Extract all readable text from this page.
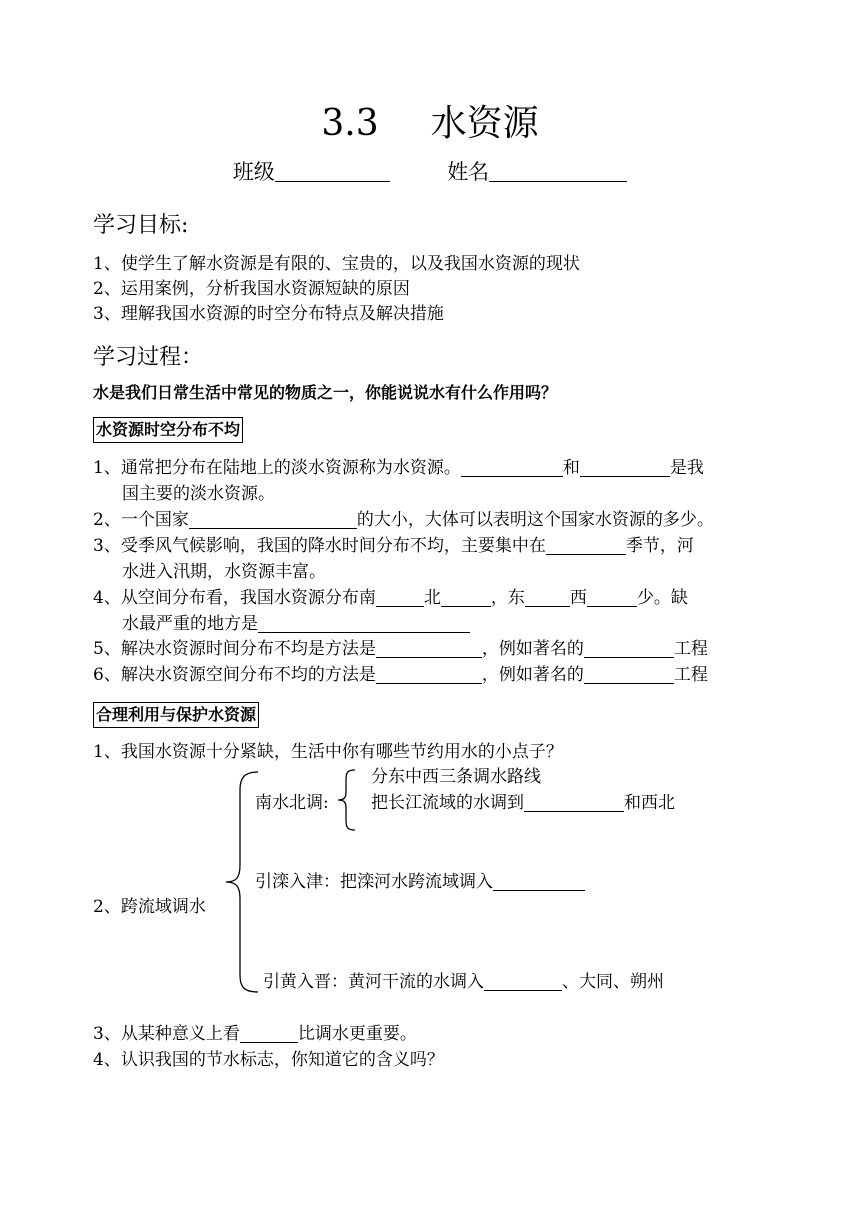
3.3 水资源
班级	姓名
学习目标:
1、使学生了解水资源是有限的、宝贵的，以及我国水资源的现状
2、运用案例，分析我国水资源短缺的原因
3、理解我国水资源的时空分布特点及解决措施
学习过程：
水是我们日常生活中常见的物质之一，你能说说水有什么作用吗？
水资源时空分布不均
1、通常把分布在陆地上的淡水资源称为水资源。	和	是我
国主要的淡水资源。
2、一个国家	的大小，大体可以表明这个国家水资源的多少。
3、受季风气候影响，我国的降水时间分布不均，主要集中在	季节，河
水进入汛期，水资源丰富。
4、从空间分布看，我国水资源分布南	北	，东	西	少。缺
水最严重的地方是
5、解决水资源时间分布不均是方法是	，例如著名的	工程
6、解决水资源空间分布不均的方法是	，例如著名的	工程
合理利用与保护水资源
1、我国水资源十分紧缺，生活中你有哪些节约用水的小点子？
分东中西三条调水路线
南水北调: 把长江流域的水调到	和西北
引滦入津：把滦河水跨流域调入
2、跨流域调水
引黄入晋：黄河干流的水调入	、大同、朔州
3、从某种意义上看	比调水更重要。
4、认识我国的节水标志，你知道它的含义吗？
